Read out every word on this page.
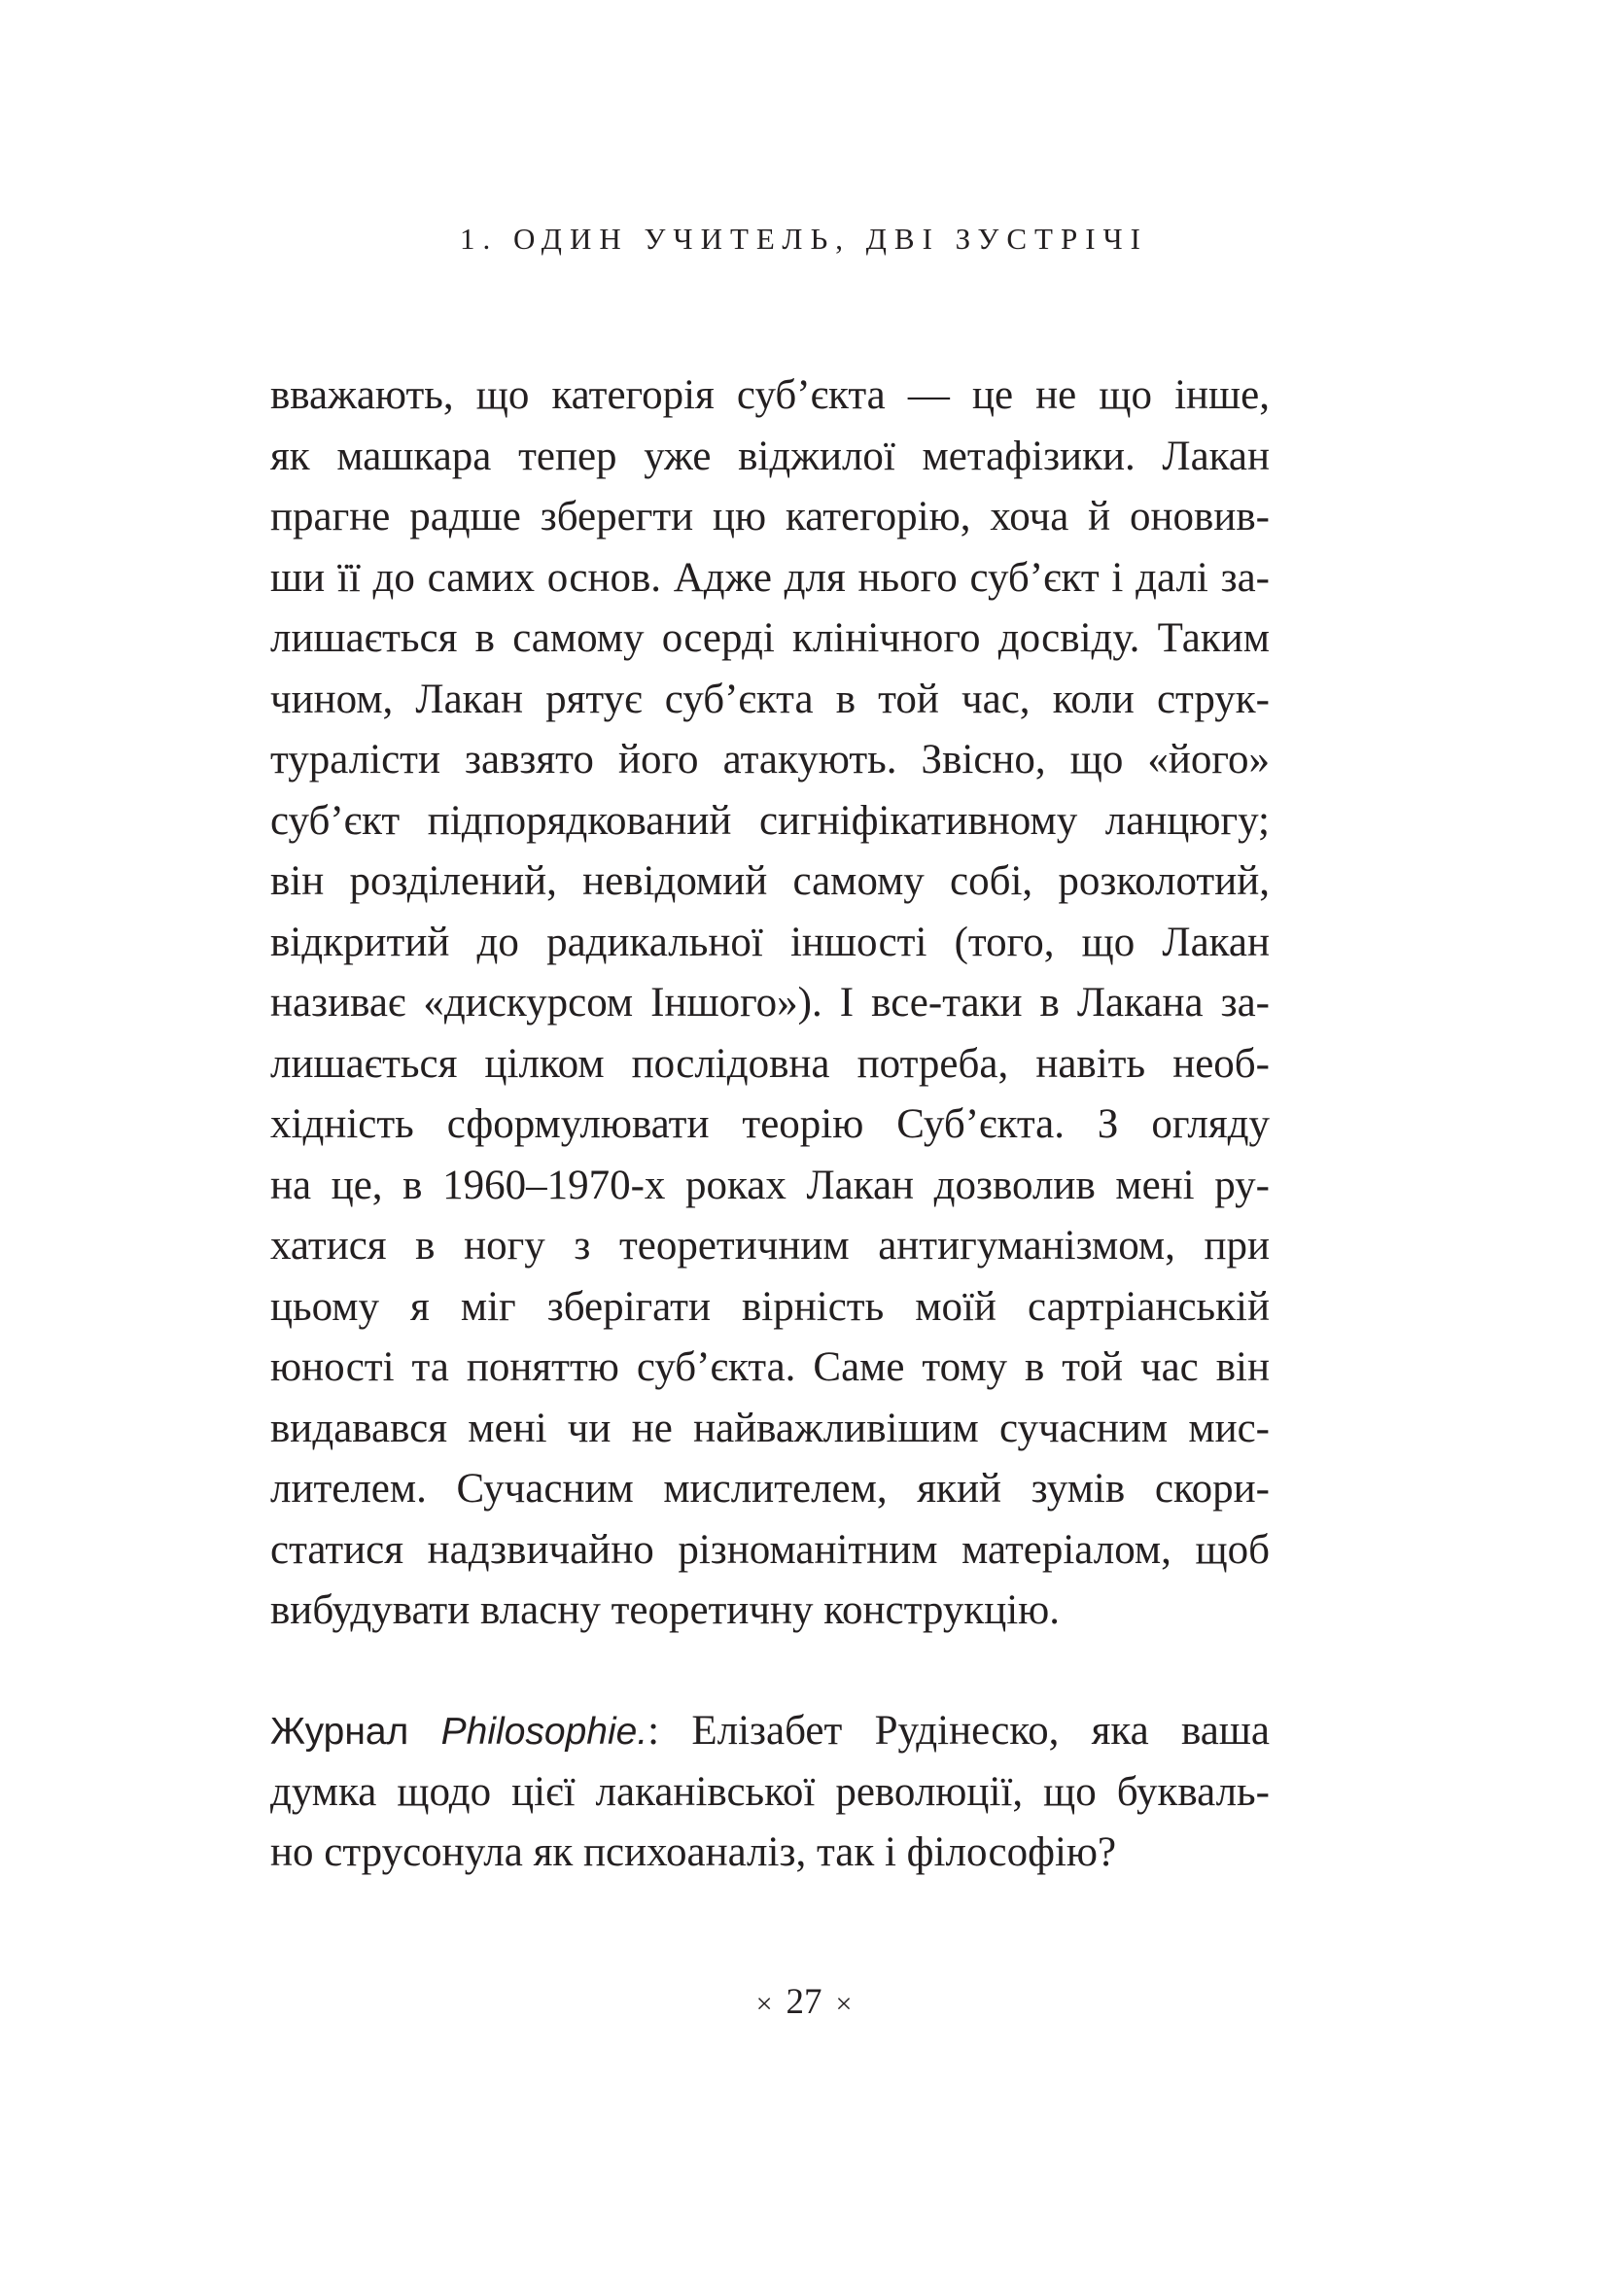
1. ОДИН УЧИТЕЛЬ, ДВІ ЗУСТРІЧІ
вважають, що категорія суб’єкта — це не що інше,
як машкара тепер уже віджилої метафізики. Лакан
прагне радше зберегти цю категорію, хоча й оновив-
ши її до самих основ. Адже для нього суб’єкт і далі за-
лишається в самому осерді клінічного досвіду. Таким
чином, Лакан рятує суб’єкта в той час, коли струк-
туралісти завзято його атакують. Звісно, що «його»
суб’єкт підпорядкований сигніфікативному ланцюгу;
він розділений, невідомий самому собі, розколотий,
відкритий до радикальної іншості (того, що Лакан
називає «дискурсом Іншого»). І все-таки в Лакана за-
лишається цілком послідовна потреба, навіть необ-
хідність сформулювати теорію Суб’єкта. З огляду
на це, в 1960–1970-х роках Лакан дозволив мені ру-
хатися в ногу з теоретичним антигуманізмом, при
цьому я міг зберігати вірність моїй сартріанській
юності та поняттю суб’єкта. Саме тому в той час він
видавався мені чи не найважливішим сучасним мис-
лителем. Сучасним мислителем, який зумів скори-
статися надзвичайно різноманітним матеріалом, щоб
вибудувати власну теоретичну конструкцію.
Журнал Philosophie.: Елізабет Рудінеско, яка ваша
думка щодо цієї лаканівської революції, що букваль-
но струсонула як психоаналіз, так і філософію?
× 27 ×
